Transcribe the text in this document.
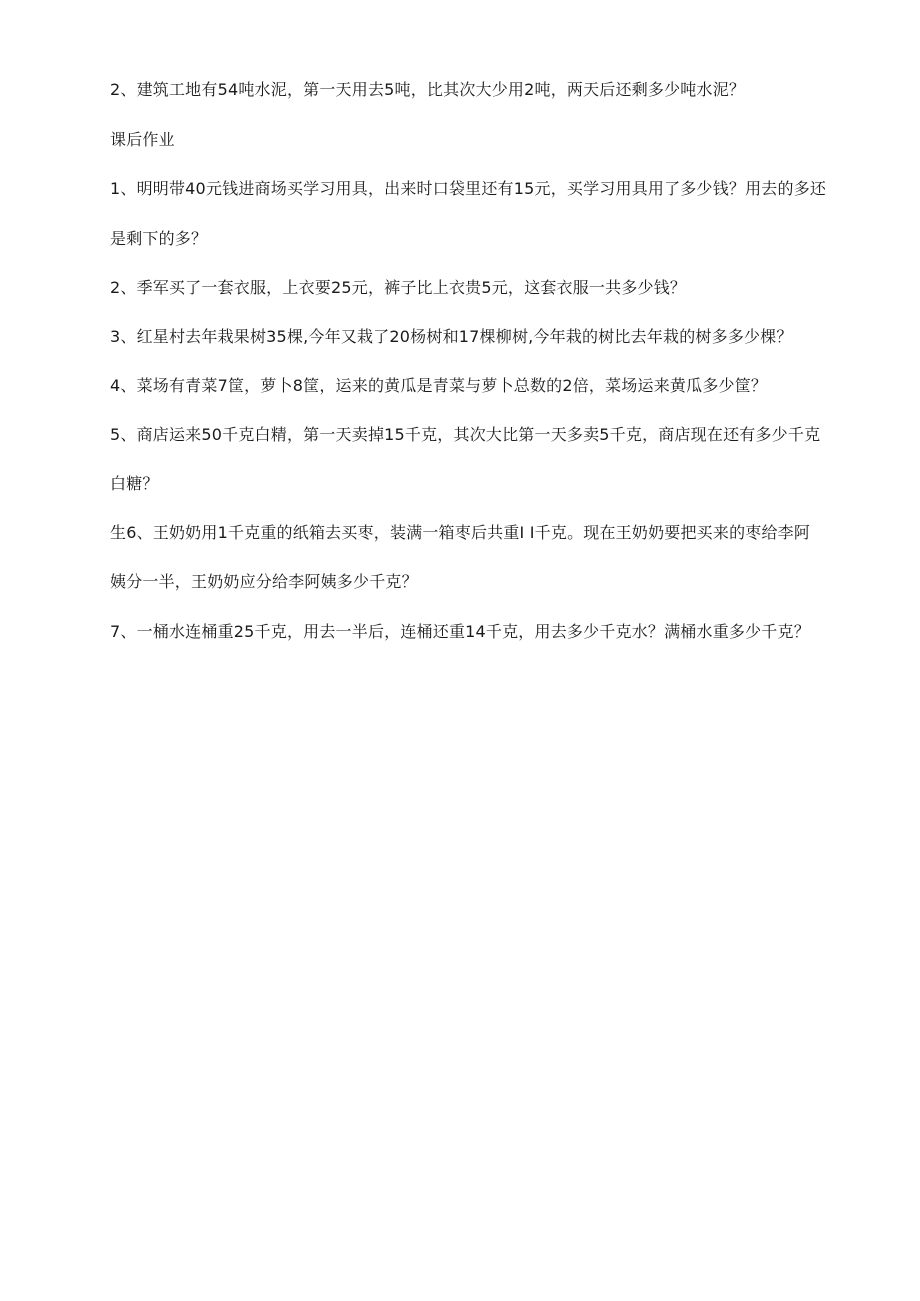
2、建筑工地有54吨水泥，第一天用去5吨，比其次大少用2吨，两天后还剩多少吨水泥？
课后作业
1、明明带40元钱进商场买学习用具，出来时口袋里还有15元，买学习用具用了多少钱？用去的多还
是剩下的多？
2、季军买了一套衣服，上衣要25元，裤子比上衣贵5元，这套衣服一共多少钱？
3、红星村去年栽果树35棵,今年又栽了20杨树和17棵柳树,今年栽的树比去年栽的树多多少棵？
4、菜场有青菜7筐，萝卜8筐，运来的黄瓜是青菜与萝卜总数的2倍，菜场运来黄瓜多少筐？
5、商店运来50千克白精，第一天卖掉15千克，其次大比第一天多卖5千克，商店现在还有多少千克
白糖？
生6、王奶奶用1千克重的纸箱去买枣，装满一箱枣后共重I I千克。现在王奶奶要把买来的枣给李阿
姨分一半，王奶奶应分给李阿姨多少千克？
7、一桶水连桶重25千克，用去一半后，连桶还重14千克，用去多少千克水？满桶水重多少千克？
